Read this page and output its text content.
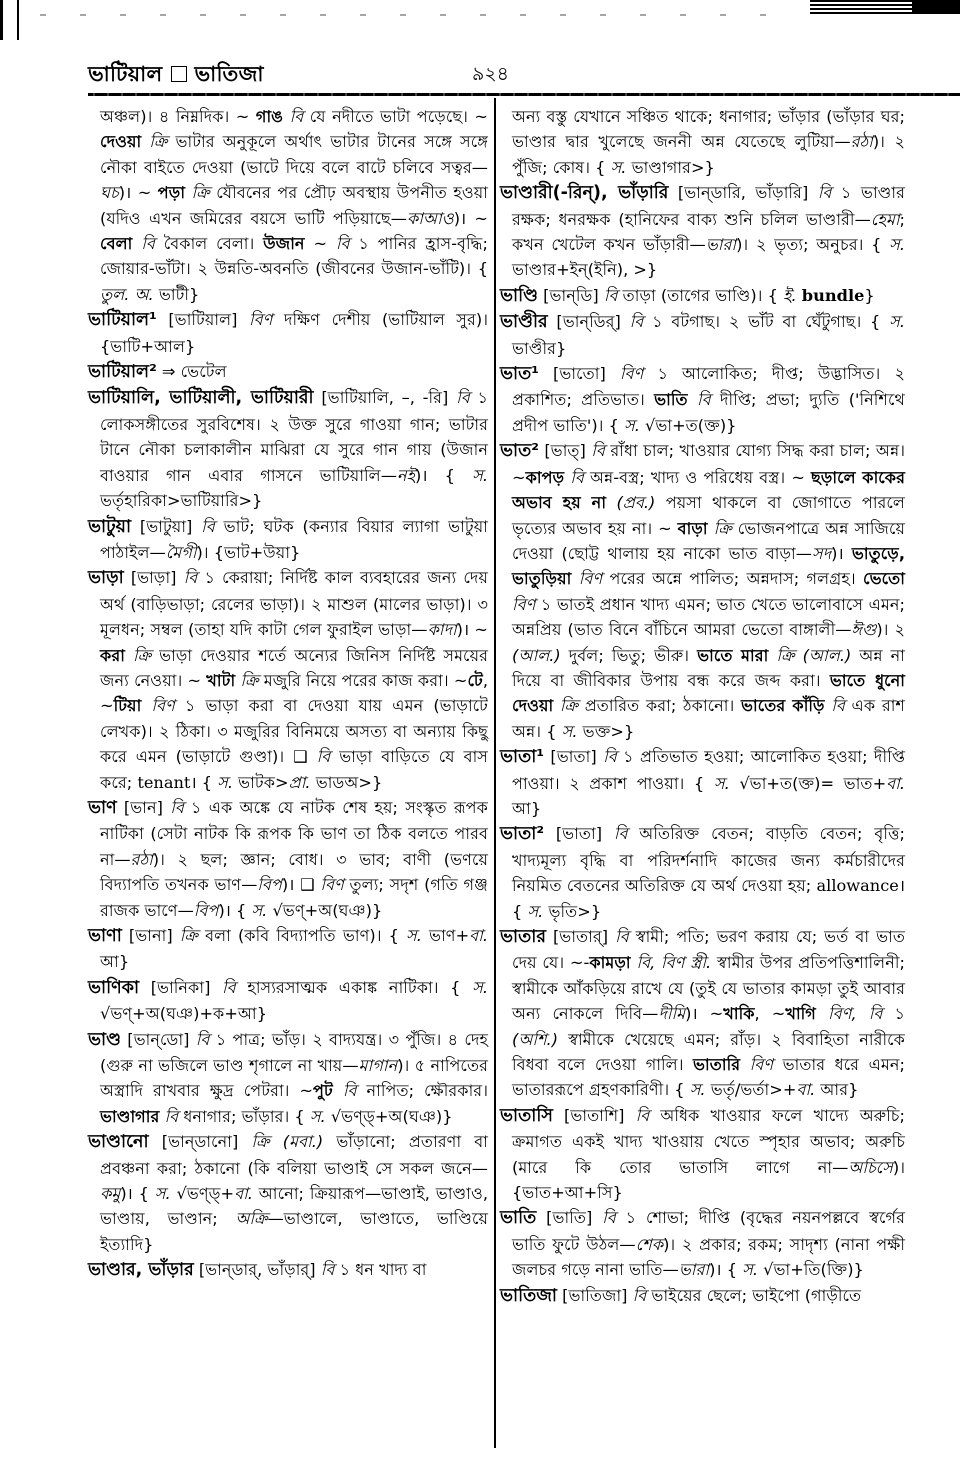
ভাটিয়াল ভাতিজা	৯২৪

অঞ্চল)। ৪ নিম্নদিক। ~ গাঙ বি যে নদীতে ভাটা পড়েছে। ~ দেওয়া ক্রি ভাটার অনুকূলে অর্থাৎ ভাটার টানের সঙ্গে সঙ্গে নৌকা বাইতে দেওয়া (ভাটে দিয়ে বলে বাটে চলিবে সত্বর—ঘচ)। ~ পড়া ক্রি যৌবনের পর প্রৌঢ় অবস্থায় উপনীত হওয়া (যদিও এখন জমিরের বয়সে ভাটি পড়িয়াছে—কাআও)। ~ বেলা বি বৈকাল বেলা। উজান ~ বি ১ পানির হ্রাস-বৃদ্ধি; জোয়ার-ভাঁটা। ২ উন্নতি-অবনতি (জীবনের উজান-ভাঁটি)। { তুল. অ. ভাটী}

ভাটিয়াল¹ [ভাটিয়াল] বিণ দক্ষিণ দেশীয় (ভাটিয়াল সুর)। {ভাটি+আল}

ভাটিয়াল² ⇒ ভেটেল

ভাটিয়ালি, ভাটিয়ালী, ভাটিয়ারী [ভাটিয়ালি, –, -রি] বি ১ লোকসঙ্গীতের সুরবিশেষ। ২ উক্ত সুরে গাওয়া গান; ভাটার টানে নৌকা চলাকালীন মাঝিরা যে সুরে গান গায় (উজান বাওয়ার গান এবার গাসনে ভাটিয়ালি—নই)। { স. ভর্তৃহারিকা>ভাটিয়ারি>}

ভাটুয়া [ভাটুয়া] বি ভাট; ঘটক (কন্যার বিয়ার ল্যাগা ভাটুয়া পাঠাইল—মৈগী)। {ভাট+উয়া}

ভাড়া [ভাড়া] বি ১ কেরায়া; নির্দিষ্ট কাল ব্যবহারের জন্য দেয় অর্থ (বাড়িভাড়া; রেলের ভাড়া)। ২ মাশুল (মালের ভাড়া)। ৩ মূলধন; সম্বল (তাহা যদি কাটা গেল ফুরাইল ভাড়া—কাদা)। ~ করা ক্রি ভাড়া দেওয়ার শর্তে অন্যের জিনিস নির্দিষ্ট সময়ের জন্য নেওয়া। ~ খাটা ক্রি মজুরি নিয়ে পরের কাজ করা। ~টে, ~টিয়া বিণ ১ ভাড়া করা বা দেওয়া যায় এমন (ভাড়াটে লেখক)। ২ ঠিকা। ৩ মজুরির বিনিময়ে অসত্য বা অন্যায় কিছু করে এমন (ভাড়াটে গুণ্ডা)। ❑ বি ভাড়া বাড়িতে যে বাস করে; tenant। { স. ভাটক>প্রা. ভাডঅ>}

ভাণ [ভান] বি ১ এক অঙ্কে যে নাটক শেষ হয়; সংস্কৃত রূপক নাটিকা (সেটা নাটক কি রূপক কি ভাণ তা ঠিক বলতে পারব না—রঠা)। ২ ছল; জ্ঞান; বোধ। ৩ ভাব; বাণী (ভণয়ে বিদ্যাপতি তখনক ভাণ—বিপ)। ❑ বিণ তুল্য; সদৃশ (গতি গঞ্জ রাজক ভাণে—বিপ)। { স. √ভণ্+অ(ঘঞ)}

ভাণা [ভানা] ক্রি বলা (কবি বিদ্যাপতি ভাণ)। { স. ভাণ+বা. আ}

ভাণিকা [ভানিকা] বি হাস্যরসাত্মক একাঙ্ক নাটিকা। { স. √ভণ্+অ(ঘঞ)+ক+আ}

ভাণ্ড [ভান্‌ডো] বি ১ পাত্র; ভাঁড়। ২ বাদ্যযন্ত্র। ৩ পুঁজি। ৪ দেহ (গুরু না ভজিলে ভাণ্ড শৃগালে না খায়—মাগান)। ৫ নাপিতের অস্ত্রাদি রাখবার ক্ষুদ্র পেটরা। ~পুট বি নাপিত; ক্ষৌরকার। ভাণ্ডাগার বি ধনাগার; ভাঁড়ার। { স. √ভণ্ড্+অ(ঘঞ)}

ভাণ্ডানো [ভান্‌ডানো] ক্রি (মবা.) ভাঁড়ানো; প্রতারণা বা প্রবঞ্চনা করা; ঠকানো (কি বলিয়া ভাণ্ডাই সে সকল জনে—কমু)। { স. √ভণ্ড্+বা. আনো; ক্রিয়ারূপ—ভাণ্ডাই, ভাণ্ডাও, ভাণ্ডায়, ভাণ্ডান; অক্রি—ভাণ্ডালে, ভাণ্ডাতে, ভাণ্ডিয়ে ইত্যাদি}

ভাণ্ডার, ভাঁড়ার [ভান্‌ডার্, ভাঁড়ার্] বি ১ ধন খাদ্য বা

অন্য বস্তু যেখানে সঞ্চিত থাকে; ধনাগার; ভাঁড়ার (ভাঁড়ার ঘর; ভাণ্ডার দ্বার খুলেছে জননী অন্ন যেতেছে লুটিয়া—রঠা)। ২ পুঁজি; কোষ। { স. ভাণ্ডাগার>}

ভাণ্ডারী(-রিন্), ভাঁড়ারি [ভান্‌ডারি, ভাঁড়ারি] বি ১ ভাণ্ডার রক্ষক; ধনরক্ষক (হানিফের বাক্য শুনি চলিল ভাণ্ডারী—হেমা; কখন খেটেল কখন ভাঁড়ারী—ভারা)। ২ ভৃত্য; অনুচর। { স. ভাণ্ডার+ইন্(ইনি), >}

ভাণ্ডি [ভান্‌ডি] বি তাড়া (তাগের ভাণ্ডি)। { ই. bundle}

ভাণ্ডীর [ভান্‌ডির্] বি ১ বটগাছ। ২ ভাঁট বা ঘেঁটুগাছ। { স. ভাণ্ডীর}

ভাত¹ [ভাতো] বিণ ১ আলোকিত; দীপ্ত; উদ্ভাসিত। ২ প্রকাশিত; প্রতিভাত। ভাতি বি দীপ্তি; প্রভা; দ্যুতি ('নিশিথে প্রদীপ ভাতি')। { স. √ভা+ত(ক্ত)}

ভাত² [ভাত্] বি রাঁধা চাল; খাওয়ার যোগ্য সিদ্ধ করা চাল; অন্ন। ~কাপড় বি অন্ন-বস্ত্র; খাদ্য ও পরিধেয় বস্ত্র। ~ ছড়ালে কাকের অভাব হয় না (প্রব.) পয়সা থাকলে বা জোগাতে পারলে ভৃত্যের অভাব হয় না। ~ বাড়া ক্রি ভোজনপাত্রে অন্ন সাজিয়ে দেওয়া (ছোট্ট থালায় হয় নাকো ভাত বাড়া—সদ)। ভাতুড়ে, ভাতুড়িয়া বিণ পরের অন্নে পালিত; অন্নদাস; গলগ্রহ। ভেতো বিণ ১ ভাতই প্রধান খাদ্য এমন; ভাত খেতে ভালোবাসে এমন; অন্নপ্রিয় (ভাত বিনে বাঁচিনে আমরা ভেতো বাঙ্গালী—ঈগু)। ২ (আল.) দুর্বল; ভিতু; ভীরু। ভাতে মারা ক্রি (আল.) অন্ন না দিয়ে বা জীবিকার উপায় বন্ধ করে জব্দ করা। ভাতে ধুনো দেওয়া ক্রি প্রতারিত করা; ঠকানো। ভাতের কাঁড়ি বি এক রাশ অন্ন। { স. ভক্ত>}

ভাতা¹ [ভাতা] বি ১ প্রতিভাত হওয়া; আলোকিত হওয়া; দীপ্তি পাওয়া। ২ প্রকাশ পাওয়া। { স. √ভা+ত(ক্ত)= ভাত+বা. আ}

ভাতা² [ভাতা] বি অতিরিক্ত বেতন; বাড়তি বেতন; বৃত্তি; খাদ্যমূল্য বৃদ্ধি বা পরিদর্শনাদি কাজের জন্য কর্মচারীদের নিয়মিত বেতনের অতিরিক্ত যে অর্থ দেওয়া হয়; allowance। { স. ভৃতি>}

ভাতার [ভাতার্] বি স্বামী; পতি; ভরণ করায় যে; ভর্ত বা ভাত দেয় যে। ~-কামড়া বি, বিণ স্ত্রী. স্বামীর উপর প্রতিপত্তিশালিনী; স্বামীকে আঁকড়িয়ে রাখে যে (তুই যে ভাতার কামড়া তুই আবার অন্য নোকলে দিবি—দীমি)। ~খাকি, ~খাগি বিণ, বি ১ (অশি.) স্বামীকে খেয়েছে এমন; রাঁড়। ২ বিবাহিতা নারীকে বিধবা বলে দেওয়া গালি। ভাতারি বিণ ভাতার ধরে এমন; ভাতাররূপে গ্রহণকারিণী। { স. ভর্তৃ/ভর্তা>+বা. আর}

ভাতাসি [ভাতাশি] বি অধিক খাওয়ার ফলে খাদ্যে অরুচি; ক্রমাগত একই খাদ্য খাওয়ায় খেতে স্পৃহার অভাব; অরুচি (মারে কি তোর ভাতাসি লাগে না—অচিসে)। {ভাত+আ+সি}

ভাতি [ভাতি] বি ১ শোভা; দীপ্তি (বৃদ্ধের নয়নপল্লবে স্বর্গের ভাতি ফুটে উঠল—শেক)। ২ প্রকার; রকম; সাদৃশ্য (নানা পক্ষী জলচর গড়ে নানা ভাতি—ভারা)। { স. √ভা+তি(ক্তি)}

ভাতিজা [ভাতিজা] বি ভাইয়ের ছেলে; ভাইপো (গাড়ীতে
